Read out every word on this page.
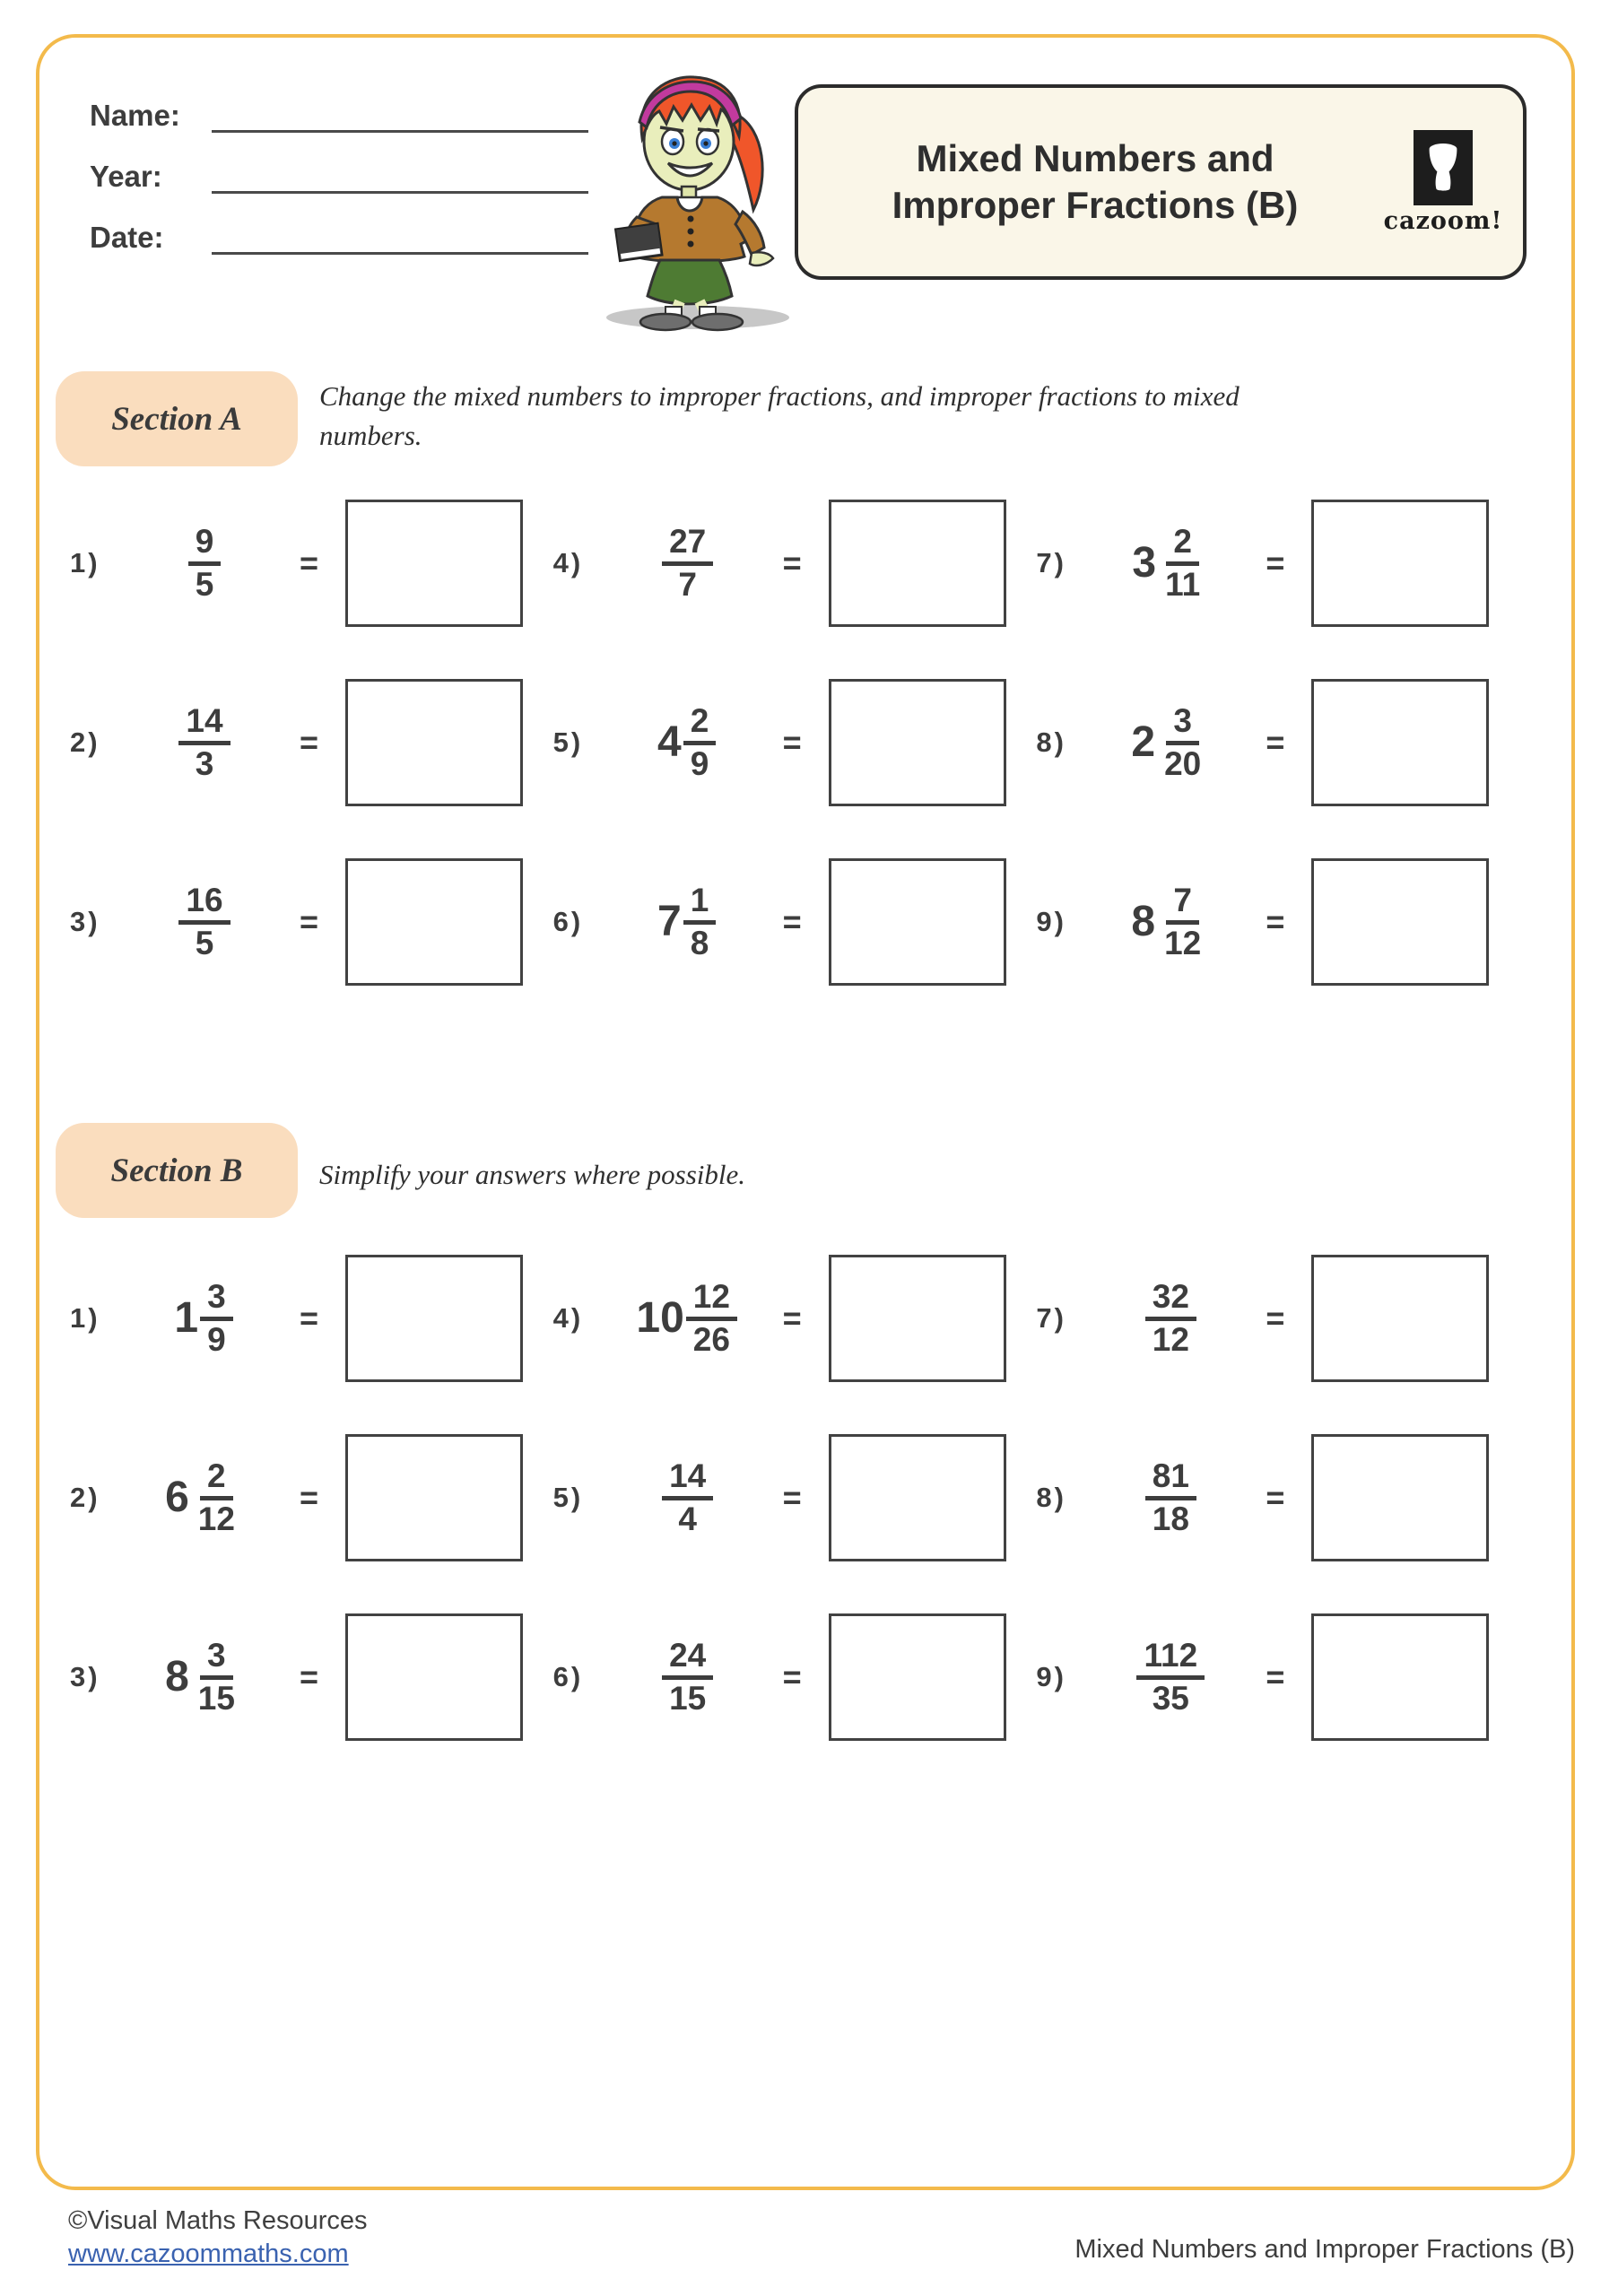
Name:
Year:
Date:
Mixed Numbers and
Improper Fractions (B)	cazoom!
Section A
Change the mixed numbers to improper fractions, and improper fractions to mixed numbers.
1)	$\frac{9}{5}$ =	4)	$\frac{27}{7}$ =	7)	$3 \frac{2}{11}$ =
2)	$\frac{14}{3}$ =	5)	$4 \frac{2}{9}$ =	8)	$2 \frac{3}{20}$ =
3)	$\frac{16}{5}$ =	6)	$7 \frac{1}{8}$ =	9)	$8 \frac{7}{12}$ =
Section B	Simplify your answers where possible.
1)	$1 \frac{3}{9}$ =	4)	$10 \frac{12}{26}$ =	7)	$\frac{32}{12}$ =
2)	$6 \frac{2}{12}$ =	5)	$\frac{14}{4}$ =	8)	$\frac{81}{18}$ =
3)	$8 \frac{3}{15}$ =	6)	$\frac{24}{15}$ =	9)	$\frac{112}{35}$ =
©Visual Maths Resources
www.cazoommaths.com	Mixed Numbers and Improper Fractions (B)
